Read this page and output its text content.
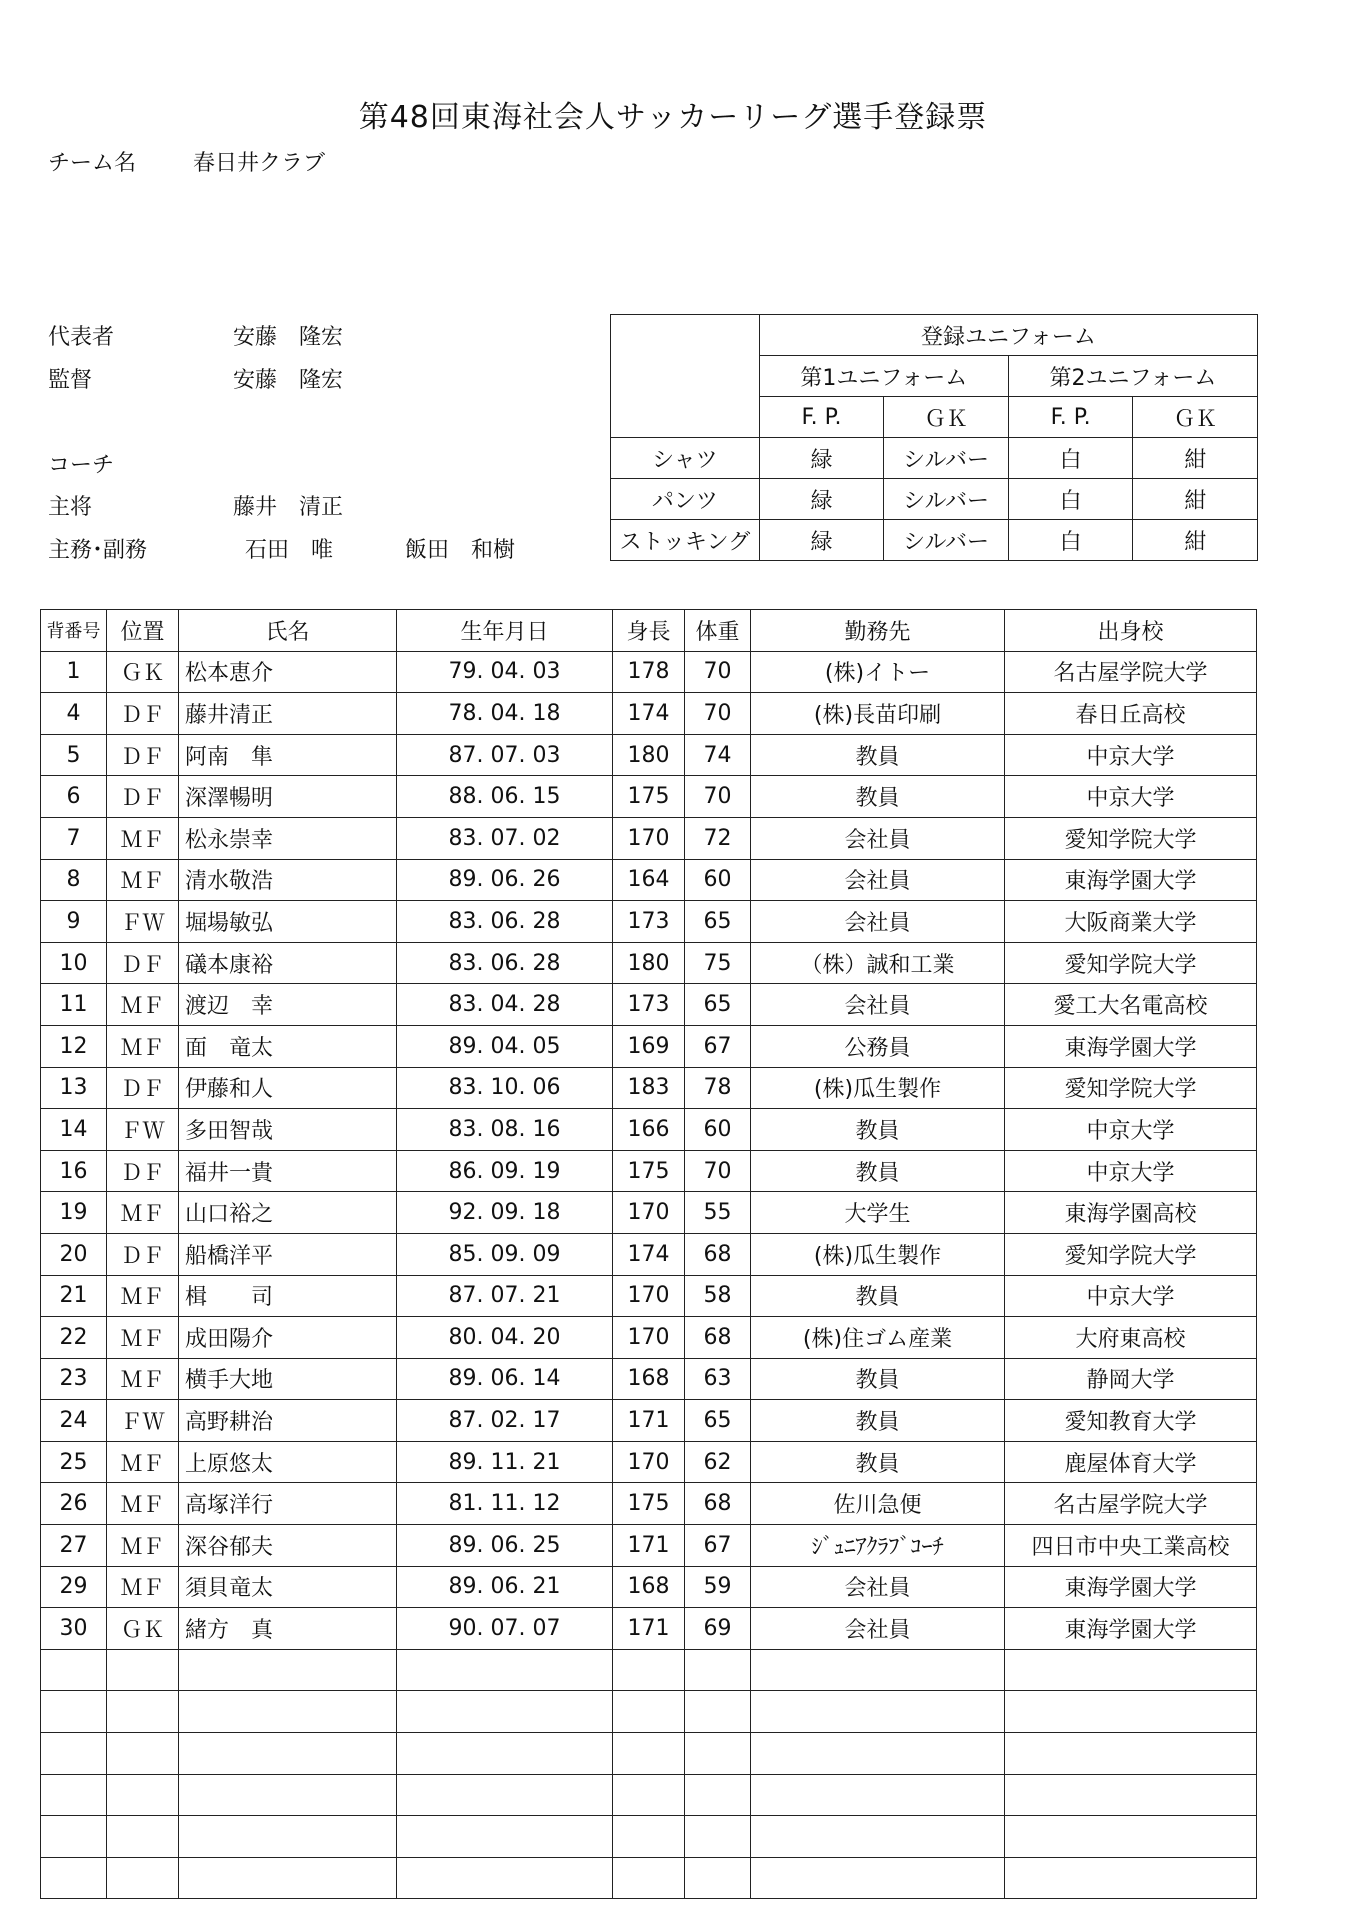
第48回東海社会人サッカーリーグ選手登録票
チーム名	春日井クラブ
代表者	安藤　隆宏
監督	安藤　隆宏
コーチ
主将	藤井　清正
主務･副務	石田　唯	飯田　和樹
	登録ユニフォーム			
	第1ユニフォーム		第2ユニフォーム	
	F. P.	ＧＫ	F. P.	ＧＫ
シャツ	緑	シルバー	白	紺
パンツ	緑	シルバー	白	紺
ストッキング	緑	シルバー	白	紺
背番号	位置	氏名	生年月日	身長	体重	勤務先	出身校
1	ＧＫ	松本恵介	79. 04. 03	178	70	(株)イトー	名古屋学院大学
4	ＤＦ	藤井清正	78. 04. 18	174	70	(株)長苗印刷	春日丘高校
5	ＤＦ	阿南　隼	87. 07. 03	180	74	教員	中京大学
6	ＤＦ	深澤暢明	88. 06. 15	175	70	教員	中京大学
7	ＭＦ	松永崇幸	83. 07. 02	170	72	会社員	愛知学院大学
8	ＭＦ	清水敬浩	89. 06. 26	164	60	会社員	東海学園大学
9	ＦＷ	堀場敏弘	83. 06. 28	173	65	会社員	大阪商業大学
10	ＤＦ	礒本康裕	83. 06. 28	180	75	（株）誠和工業	愛知学院大学
11	ＭＦ	渡辺　幸	83. 04. 28	173	65	会社員	愛工大名電高校
12	ＭＦ	面　竜太	89. 04. 05	169	67	公務員	東海学園大学
13	ＤＦ	伊藤和人	83. 10. 06	183	78	(株)瓜生製作	愛知学院大学
14	ＦＷ	多田智哉	83. 08. 16	166	60	教員	中京大学
16	ＤＦ	福井一貴	86. 09. 19	175	70	教員	中京大学
19	ＭＦ	山口裕之	92. 09. 18	170	55	大学生	東海学園高校
20	ＤＦ	船橋洋平	85. 09. 09	174	68	(株)瓜生製作	愛知学院大学
21	ＭＦ	楫　　司	87. 07. 21	170	58	教員	中京大学
22	ＭＦ	成田陽介	80. 04. 20	170	68	(株)住ゴム産業	大府東高校
23	ＭＦ	横手大地	89. 06. 14	168	63	教員	静岡大学
24	ＦＷ	高野耕治	87. 02. 17	171	65	教員	愛知教育大学
25	ＭＦ	上原悠太	89. 11. 21	170	62	教員	鹿屋体育大学
26	ＭＦ	高塚洋行	81. 11. 12	175	68	佐川急便	名古屋学院大学
27	ＭＦ	深谷郁夫	89. 06. 25	171	67	ｼﾞｭﾆｱｸﾗﾌﾞｺｰﾁ	四日市中央工業高校
29	ＭＦ	須貝竜太	89. 06. 21	168	59	会社員	東海学園大学
30	ＧＫ	緒方　真	90. 07. 07	171	69	会社員	東海学園大学
